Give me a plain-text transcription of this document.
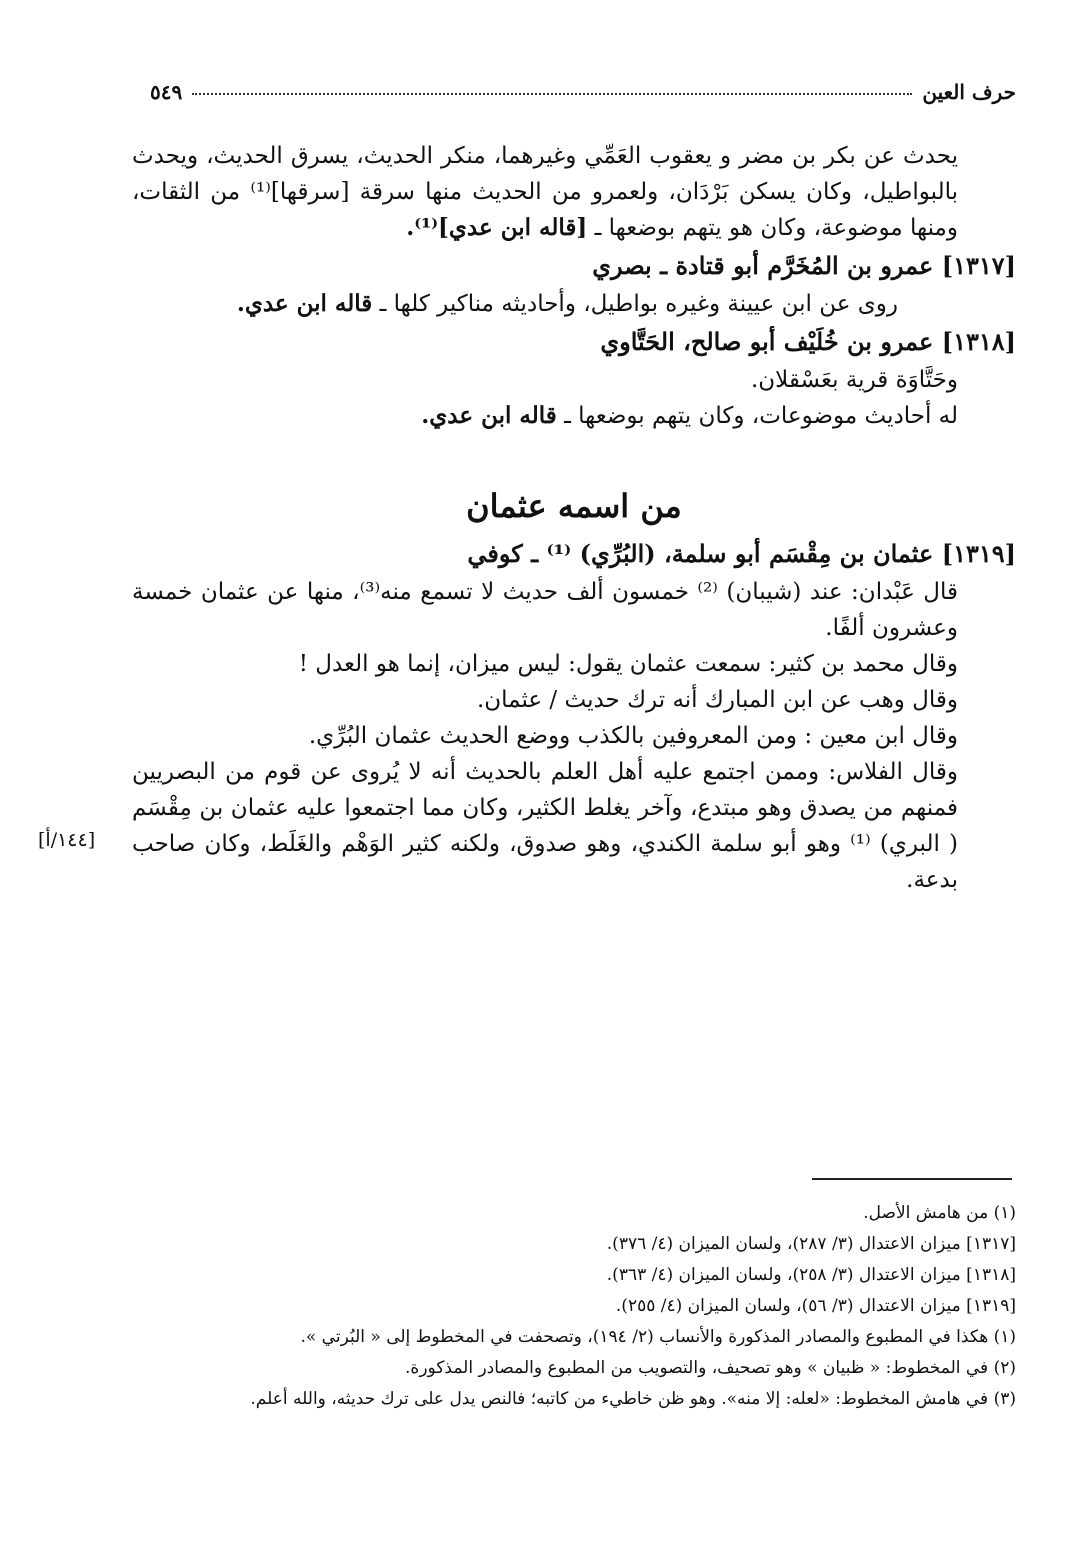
حرف العين
٥٤٩

يحدث عن بكر بن مضر و يعقوب العَمِّي وغيرهما، منكر الحديث، يسرق الحديث، ويحدث بالبواطيل، وكان يسكن بَرْدَان، ولعمرو من الحديث منها سرقة [سرقها]⁽¹⁾ من الثقات، ومنها موضوعة، وكان هو يتهم بوضعها ـ [قاله ابن عدي]⁽¹⁾.

[١٣١٧] عمرو بن المُخَرَّم أبو قتادة ـ بصري

روى عن ابن عيينة وغيره بواطيل، وأحاديثه مناكير كلها ـ قاله ابن عدي.

[١٣١٨] عمرو بن خُلَيْف أبو صالح، الحَتَّاوي

وحَتَّاوَة قرية بعَسْقلان.

له أحاديث موضوعات، وكان يتهم بوضعها ـ قاله ابن عدي.

من اسمه عثمان

[١٣١٩] عثمان بن مِقْسَم أبو سلمة، (البُرِّي) ⁽¹⁾ ـ كوفي

قال عَبْدان: عند (شيبان) ⁽²⁾ خمسون ألف حديث لا تسمع منه⁽³⁾، منها عن عثمان خمسة وعشرون ألفًا.

وقال محمد بن كثير: سمعت عثمان يقول: ليس ميزان، إنما هو العدل !

وقال وهب عن ابن المبارك أنه ترك حديث / عثمان.

وقال ابن معين : ومن المعروفين بالكذب ووضع الحديث عثمان البُرِّي.

وقال الفلاس: وممن اجتمع عليه أهل العلم بالحديث أنه لا يُروى عن قوم من البصريين فمنهم من يصدق وهو مبتدع، وآخر يغلط الكثير، وكان مما اجتمعوا عليه عثمان بن مِقْسَم ( البري) ⁽¹⁾ وهو أبو سلمة الكندي، وهو صدوق، ولكنه كثير الوَهْم والغَلَط، وكان صاحب بدعة.

[١٤٤/أ]

(١) من هامش الأصل.

[١٣١٧] ميزان الاعتدال (٣/ ٢٨٧)، ولسان الميزان (٤/ ٣٧٦).

[١٣١٨] ميزان الاعتدال (٣/ ٢٥٨)، ولسان الميزان (٤/ ٣٦٣).

[١٣١٩] ميزان الاعتدال (٣/ ٥٦)، ولسان الميزان (٤/ ٢٥٥).

(١) هكذا في المطبوع والمصادر المذكورة والأنساب (٢/ ١٩٤)، وتصحفت في المخطوط إلى « البُرتي ».

(٢) في المخطوط: « ظبيان » وهو تصحيف، والتصويب من المطبوع والمصادر المذكورة.

(٣) في هامش المخطوط: «لعله: إلا منه». وهو ظن خاطيء من كاتبه؛ فالنص يدل على ترك حديثه، والله أعلم.
